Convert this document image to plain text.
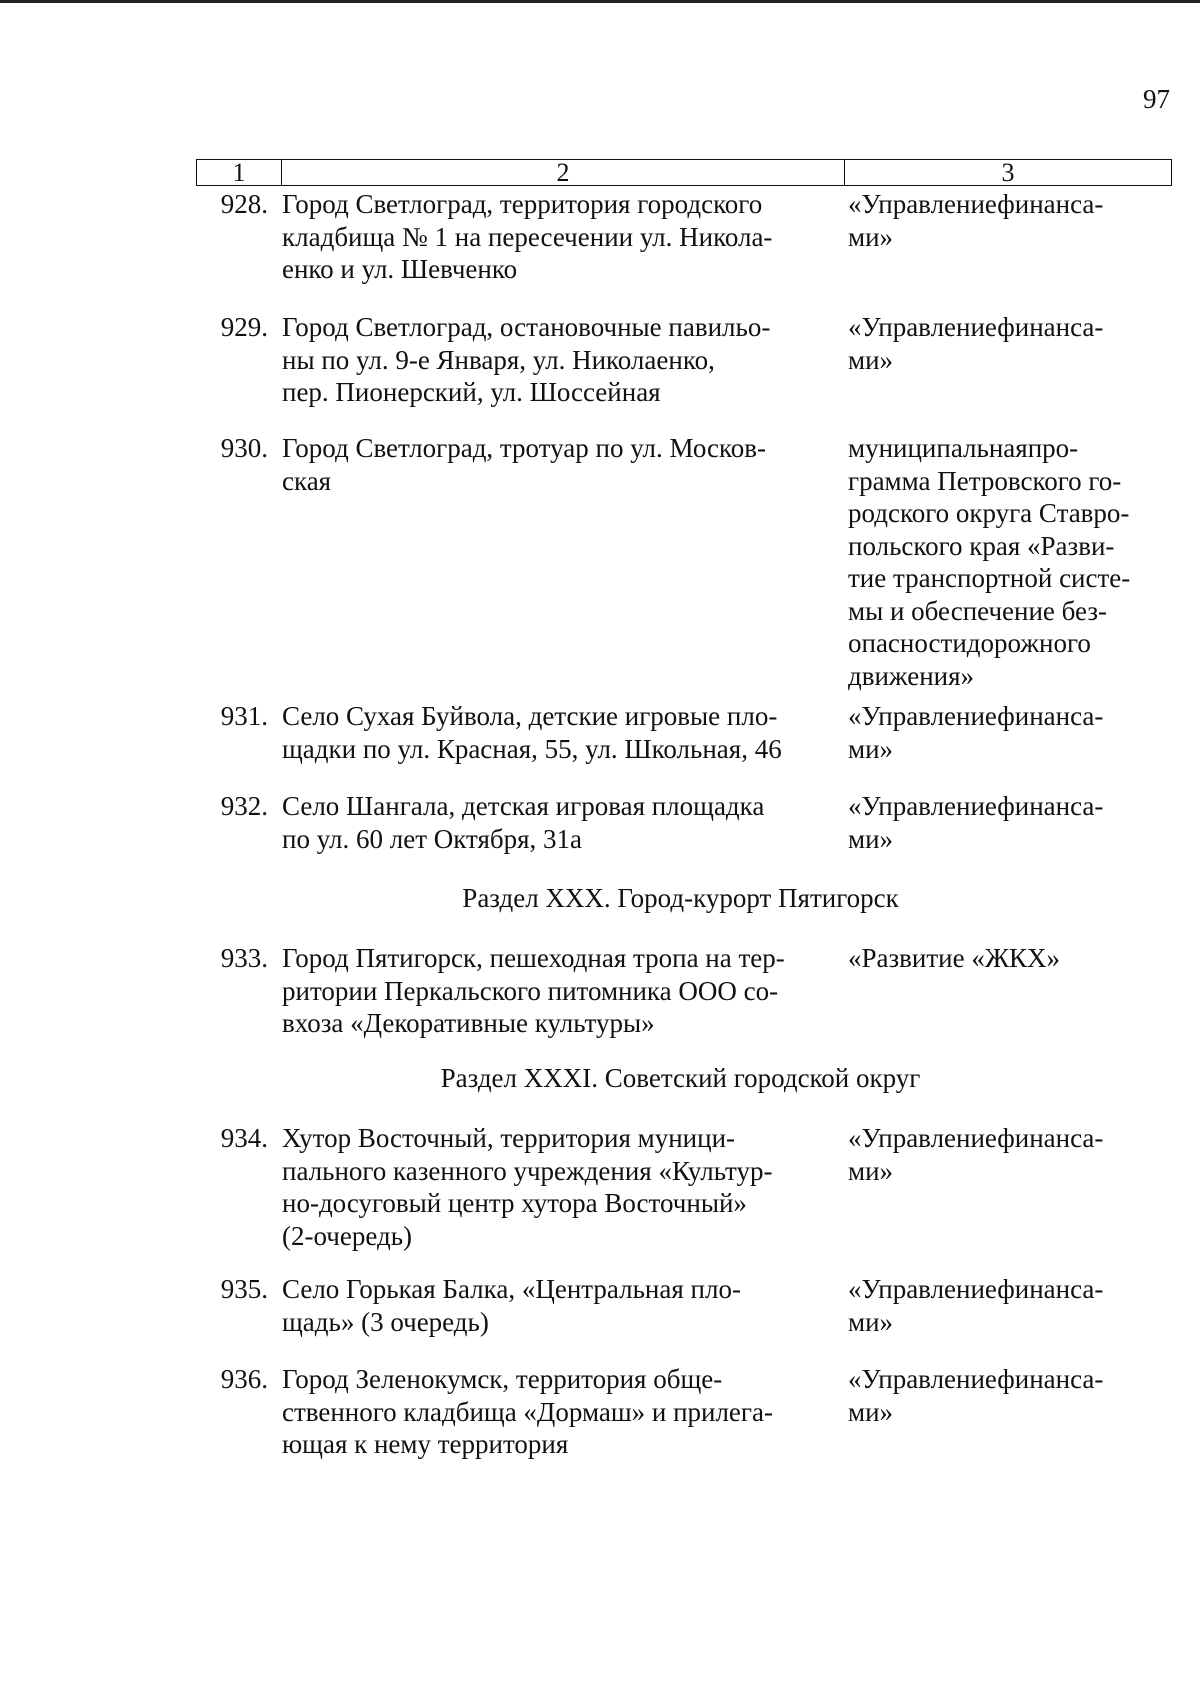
97
1	2	3
928. Город Светлоград, территория городского
кладбища № 1 на пересечении ул. Никола-
енко и ул. Шевченко
«Управлениефинанса-
ми»
929. Город Светлоград, остановочные павильо-
ны по ул. 9-е Января, ул. Николаенко,
пер. Пионерский, ул. Шоссейная
«Управлениефинанса-
ми»
930. Город Светлоград, тротуар по ул. Москов-
ская
муниципальнаяпро-
грамма Петровского го-
родского округа Ставро-
польского края «Разви-
тие транспортной систе-
мы и обеспечение без-
опасностидорожного
движения»
931. Село Сухая Буйвола, детские игровые пло-
щадки по ул. Красная, 55, ул. Школьная, 46
«Управлениефинанса-
ми»
932. Село Шангала, детская игровая площадка
по ул. 60 лет Октября, 31а
«Управлениефинанса-
ми»
933. Город Пятигорск, пешеходная тропа на тер-
ритории Перкальского питомника ООО со-
вхоза «Декоративные культуры»
«Развитие «ЖКХ»
934. Хутор Восточный, территория муници-
пального казенного учреждения «Культур-
но-досуговый центр хутора Восточный»
(2-очередь)
«Управлениефинанса-
ми»
935. Село Горькая Балка, «Центральная пло-
щадь» (3 очередь)
«Управлениефинанса-
ми»
936. Город Зеленокумск, территория обще-
ственного кладбища «Дормаш» и прилега-
ющая к нему территория
«Управлениефинанса-
ми»
Раздел XXX. Город-курорт Пятигорск
Раздел XXXI. Советский городской округ
